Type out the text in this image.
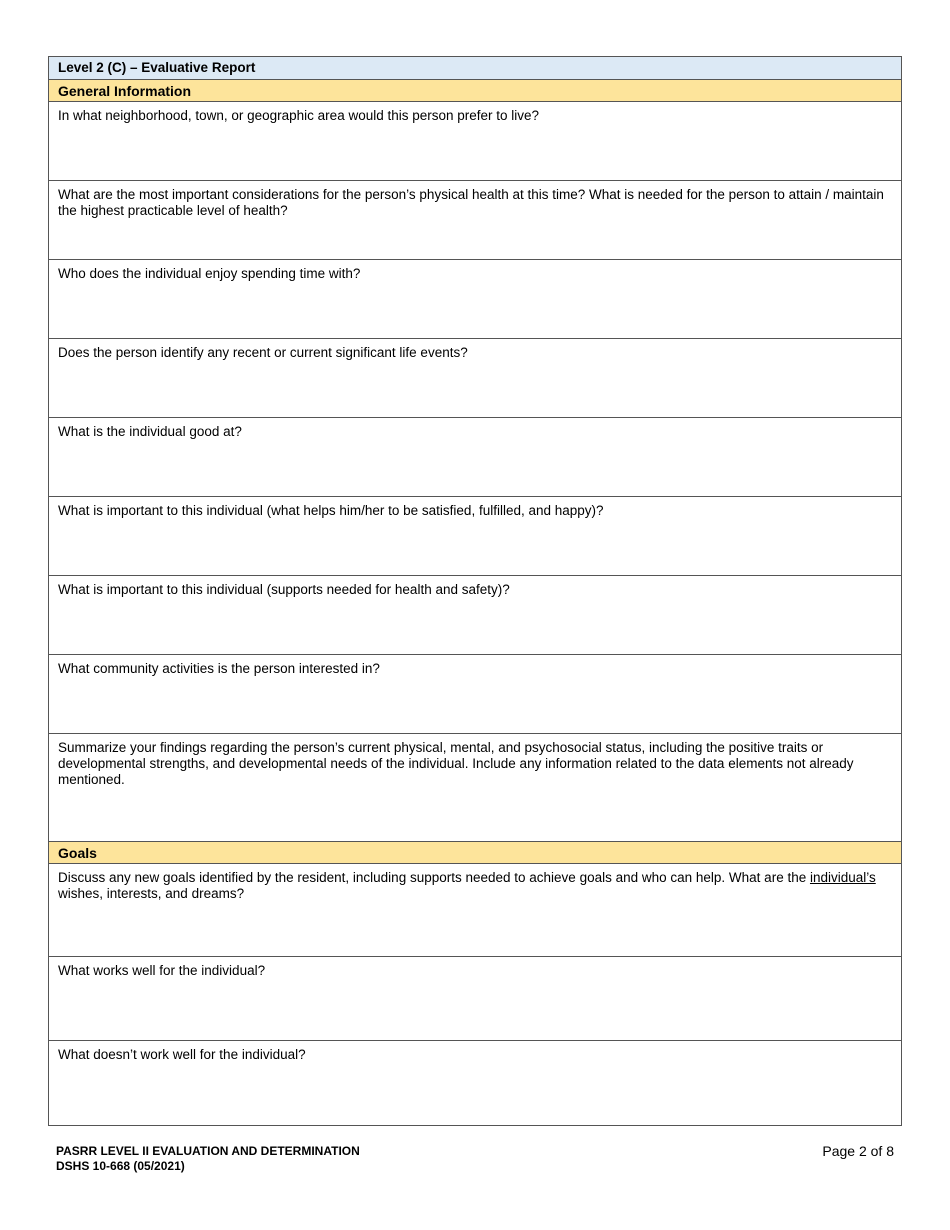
Level 2 (C) – Evaluative Report
General Information
In what neighborhood, town, or geographic area would this person prefer to live?
What are the most important considerations for the person’s physical health at this time? What is needed for the person to attain / maintain the highest practicable level of health?
Who does the individual enjoy spending time with?
Does the person identify any recent or current significant life events?
What is the individual good at?
What is important to this individual (what helps him/her to be satisfied, fulfilled, and happy)?
What is important to this individual (supports needed for health and safety)?
What community activities is the person interested in?
Summarize your findings regarding the person’s current physical, mental, and psychosocial status, including the positive traits or developmental strengths, and developmental needs of the individual. Include any information related to the data elements not already mentioned.
Goals
Discuss any new goals identified by the resident, including supports needed to achieve goals and who can help. What are the individual’s wishes, interests, and dreams?
What works well for the individual?
What doesn’t work well for the individual?
PASRR LEVEL II EVALUATION AND DETERMINATION
DSHS 10-668 (05/2021)
Page 2 of 8
